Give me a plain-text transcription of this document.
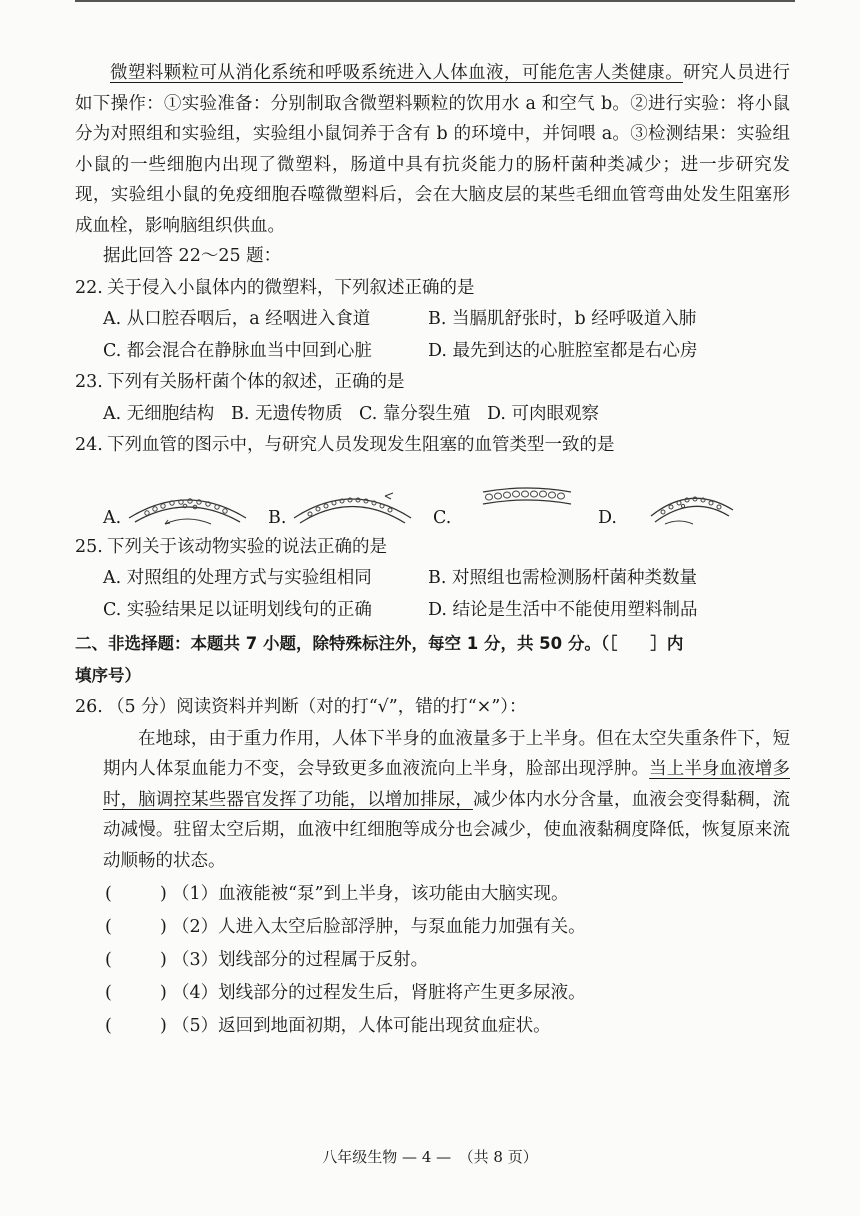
微塑料颗粒可从消化系统和呼吸系统进入人体血液，可能危害人类健康。研究人员进行如下操作：①实验准备：分别制取含微塑料颗粒的饮用水 a 和空气 b。②进行实验：将小鼠分为对照组和实验组，实验组小鼠饲养于含有 b 的环境中，并饲喂 a。③检测结果：实验组小鼠的一些细胞内出现了微塑料，肠道中具有抗炎能力的肠杆菌种类减少；进一步研究发现，实验组小鼠的免疫细胞吞噬微塑料后，会在大脑皮层的某些毛细血管弯曲处发生阻塞形成血栓，影响脑组织供血。

据此回答 22～25 题：
22. 关于侵入小鼠体内的微塑料，下列叙述正确的是
A. 从口腔吞咽后，a 经咽进入食道	B. 当膈肌舒张时，b 经呼吸道入肺
C. 都会混合在静脉血当中回到心脏	D. 最先到达的心脏腔室都是右心房
23. 下列有关肠杆菌个体的叙述，正确的是
A. 无细胞结构 B. 无遗传物质 C. 靠分裂生殖 D. 可肉眼观察
24. 下列血管的图示中，与研究人员发现发生阻塞的血管类型一致的是
A.	B.	C.	D.
25. 下列关于该动物实验的说法正确的是
A. 对照组的处理方式与实验组相同	B. 对照组也需检测肠杆菌种类数量
C. 实验结果足以证明划线句的正确	D. 结论是生活中不能使用塑料制品
二、非选择题：本题共 7 小题，除特殊标注外，每空 1 分，共 50 分。（［　　］内
填序号）
26. （5 分）阅读资料并判断（对的打“√”，错的打“×”）：

在地球，由于重力作用，人体下半身的血液量多于上半身。但在太空失重条件下，短期内人体泵血能力不变，会导致更多血液流向上半身，脸部出现浮肿。当上半身血液增多时，脑调控某些器官发挥了功能，以增加排尿，减少体内水分含量，血液会变得黏稠，流动减慢。驻留太空后期，血液中红细胞等成分也会减少，使血液黏稠度降低，恢复原来流动顺畅的状态。

(	) （1）血液能被“泵”到上半身，该功能由大脑实现。
(	) （2）人进入太空后脸部浮肿，与泵血能力加强有关。
(	) （3）划线部分的过程属于反射。
(	) （4）划线部分的过程发生后，肾脏将产生更多尿液。
(	) （5）返回到地面初期，人体可能出现贫血症状。
八年级生物 — 4 —　（共 8 页）
